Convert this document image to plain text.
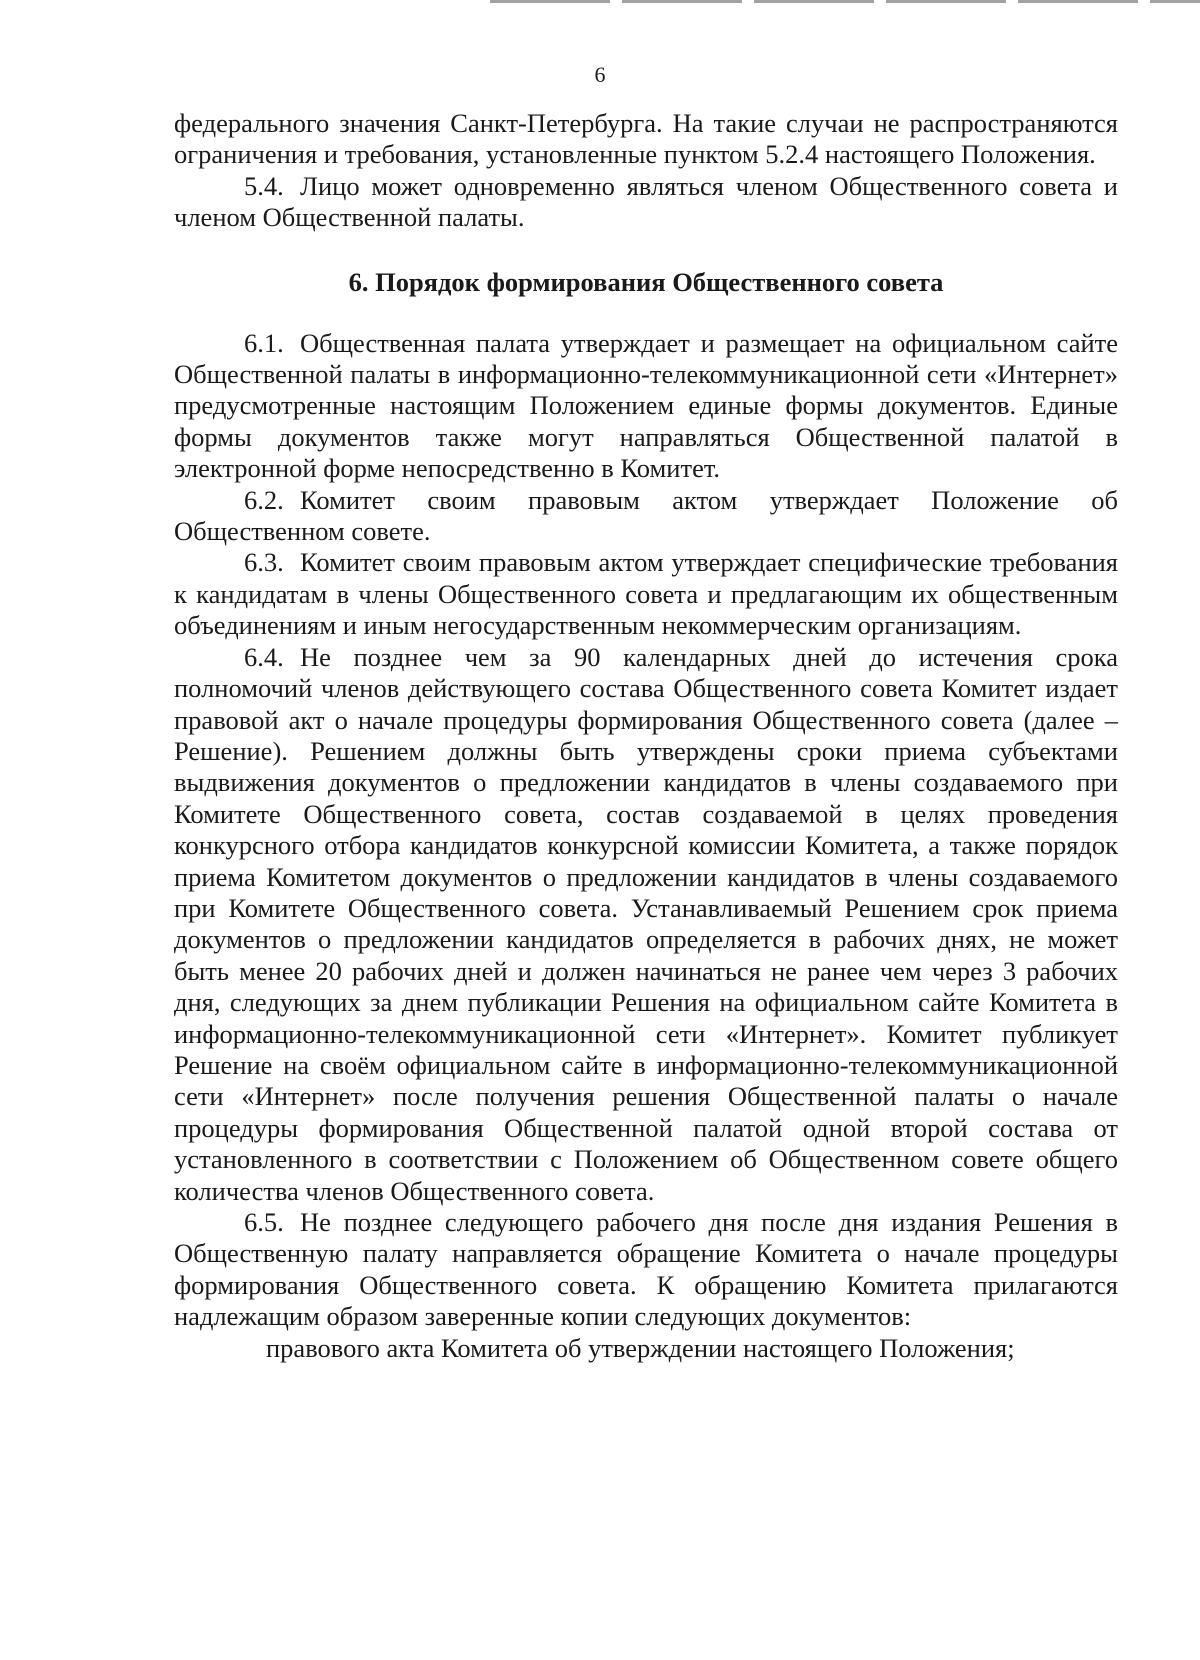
6

федерального значения Санкт-Петербурга. На такие случаи не распространяются ограничения и требования, установленные пунктом 5.2.4 настоящего Положения.

5.4. Лицо может одновременно являться членом Общественного совета и членом Общественной палаты.

6. Порядок формирования Общественного совета

6.1. Общественная палата утверждает и размещает на официальном сайте Общественной палаты в информационно-телекоммуникационной сети «Интернет» предусмотренные настоящим Положением единые формы документов. Единые формы документов также могут направляться Общественной палатой в электронной форме непосредственно в Комитет.

6.2. Комитет своим правовым актом утверждает Положение об Общественном совете.

6.3. Комитет своим правовым актом утверждает специфические требования к кандидатам в члены Общественного совета и предлагающим их общественным объединениям и иным негосударственным некоммерческим организациям.

6.4. Не позднее чем за 90 календарных дней до истечения срока полномочий членов действующего состава Общественного совета Комитет издает правовой акт о начале процедуры формирования Общественного совета (далее – Решение). Решением должны быть утверждены сроки приема субъектами выдвижения документов о предложении кандидатов в члены создаваемого при Комитете Общественного совета, состав создаваемой в целях проведения конкурсного отбора кандидатов конкурсной комиссии Комитета, а также порядок приема Комитетом документов о предложении кандидатов в члены создаваемого при Комитете Общественного совета. Устанавливаемый Решением срок приема документов о предложении кандидатов определяется в рабочих днях, не может быть менее 20 рабочих дней и должен начинаться не ранее чем через 3 рабочих дня, следующих за днем публикации Решения на официальном сайте Комитета в информационно-телекоммуникационной сети «Интернет». Комитет публикует Решение на своём официальном сайте в информационно-телекоммуникационной сети «Интернет» после получения решения Общественной палаты о начале процедуры формирования Общественной палатой одной второй состава от установленного в соответствии с Положением об Общественном совете общего количества членов Общественного совета.

6.5. Не позднее следующего рабочего дня после дня издания Решения в Общественную палату направляется обращение Комитета о начале процедуры формирования Общественного совета. К обращению Комитета прилагаются надлежащим образом заверенные копии следующих документов:

правового акта Комитета об утверждении настоящего Положения;
